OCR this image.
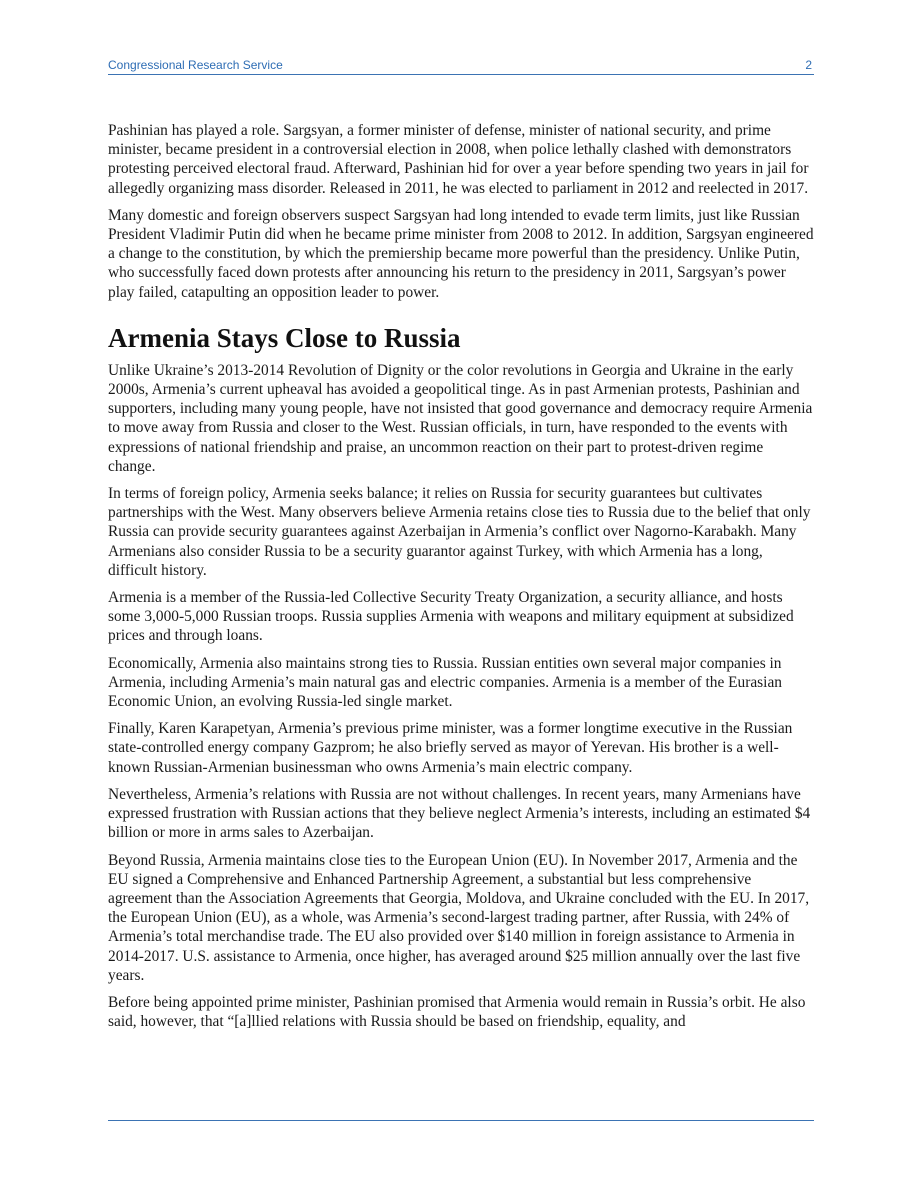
Congressional Research Service	2

Pashinian has played a role. Sargsyan, a former minister of defense, minister of national security, and prime minister, became president in a controversial election in 2008, when police lethally clashed with demonstrators protesting perceived electoral fraud. Afterward, Pashinian hid for over a year before spending two years in jail for allegedly organizing mass disorder. Released in 2011, he was elected to parliament in 2012 and reelected in 2017.

Many domestic and foreign observers suspect Sargsyan had long intended to evade term limits, just like Russian President Vladimir Putin did when he became prime minister from 2008 to 2012. In addition, Sargsyan engineered a change to the constitution, by which the premiership became more powerful than the presidency. Unlike Putin, who successfully faced down protests after announcing his return to the presidency in 2011, Sargsyan’s power play failed, catapulting an opposition leader to power.

Armenia Stays Close to Russia

Unlike Ukraine’s 2013-2014 Revolution of Dignity or the color revolutions in Georgia and Ukraine in the early 2000s, Armenia’s current upheaval has avoided a geopolitical tinge. As in past Armenian protests, Pashinian and supporters, including many young people, have not insisted that good governance and democracy require Armenia to move away from Russia and closer to the West. Russian officials, in turn, have responded to the events with expressions of national friendship and praise, an uncommon reaction on their part to protest-driven regime change.

In terms of foreign policy, Armenia seeks balance; it relies on Russia for security guarantees but cultivates partnerships with the West. Many observers believe Armenia retains close ties to Russia due to the belief that only Russia can provide security guarantees against Azerbaijan in Armenia’s conflict over Nagorno-Karabakh. Many Armenians also consider Russia to be a security guarantor against Turkey, with which Armenia has a long, difficult history.

Armenia is a member of the Russia-led Collective Security Treaty Organization, a security alliance, and hosts some 3,000-5,000 Russian troops. Russia supplies Armenia with weapons and military equipment at subsidized prices and through loans.

Economically, Armenia also maintains strong ties to Russia. Russian entities own several major companies in Armenia, including Armenia’s main natural gas and electric companies. Armenia is a member of the Eurasian Economic Union, an evolving Russia-led single market.

Finally, Karen Karapetyan, Armenia’s previous prime minister, was a former longtime executive in the Russian state-controlled energy company Gazprom; he also briefly served as mayor of Yerevan. His brother is a well-known Russian-Armenian businessman who owns Armenia’s main electric company.

Nevertheless, Armenia’s relations with Russia are not without challenges. In recent years, many Armenians have expressed frustration with Russian actions that they believe neglect Armenia’s interests, including an estimated $4 billion or more in arms sales to Azerbaijan.

Beyond Russia, Armenia maintains close ties to the European Union (EU). In November 2017, Armenia and the EU signed a Comprehensive and Enhanced Partnership Agreement, a substantial but less comprehensive agreement than the Association Agreements that Georgia, Moldova, and Ukraine concluded with the EU. In 2017, the European Union (EU), as a whole, was Armenia’s second-largest trading partner, after Russia, with 24% of Armenia’s total merchandise trade. The EU also provided over $140 million in foreign assistance to Armenia in 2014-2017. U.S. assistance to Armenia, once higher, has averaged around $25 million annually over the last five years.

Before being appointed prime minister, Pashinian promised that Armenia would remain in Russia’s orbit. He also said, however, that “[a]llied relations with Russia should be based on friendship, equality, and
